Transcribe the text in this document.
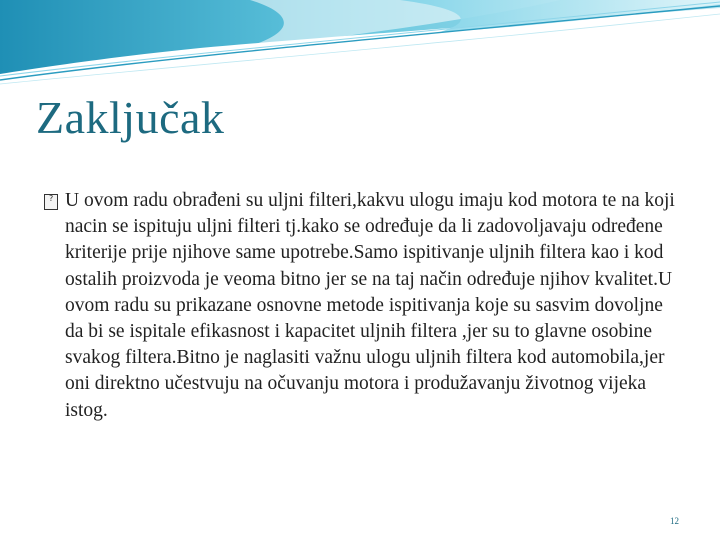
Zaključak

? U ovom radu obrađeni su uljni filteri,kakvu ulogu imaju kod motora te na koji nacin se ispituju uljni filteri tj.kako se određuje da li zadovoljavaju određene kriterije prije njihove same upotrebe.Samo ispitivanje uljnih filtera kao i kod ostalih proizvoda je veoma bitno jer se na taj način određuje njihov kvalitet.U ovom radu su prikazane osnovne metode ispitivanja koje su sasvim dovoljne da bi se ispitale efikasnost i kapacitet uljnih filtera ,jer su to glavne osobine svakog filtera.Bitno je naglasiti važnu ulogu uljnih filtera kod automobila,jer oni direktno učestvuju na očuvanju motora i produžavanju životnog vijeka istog.

12
